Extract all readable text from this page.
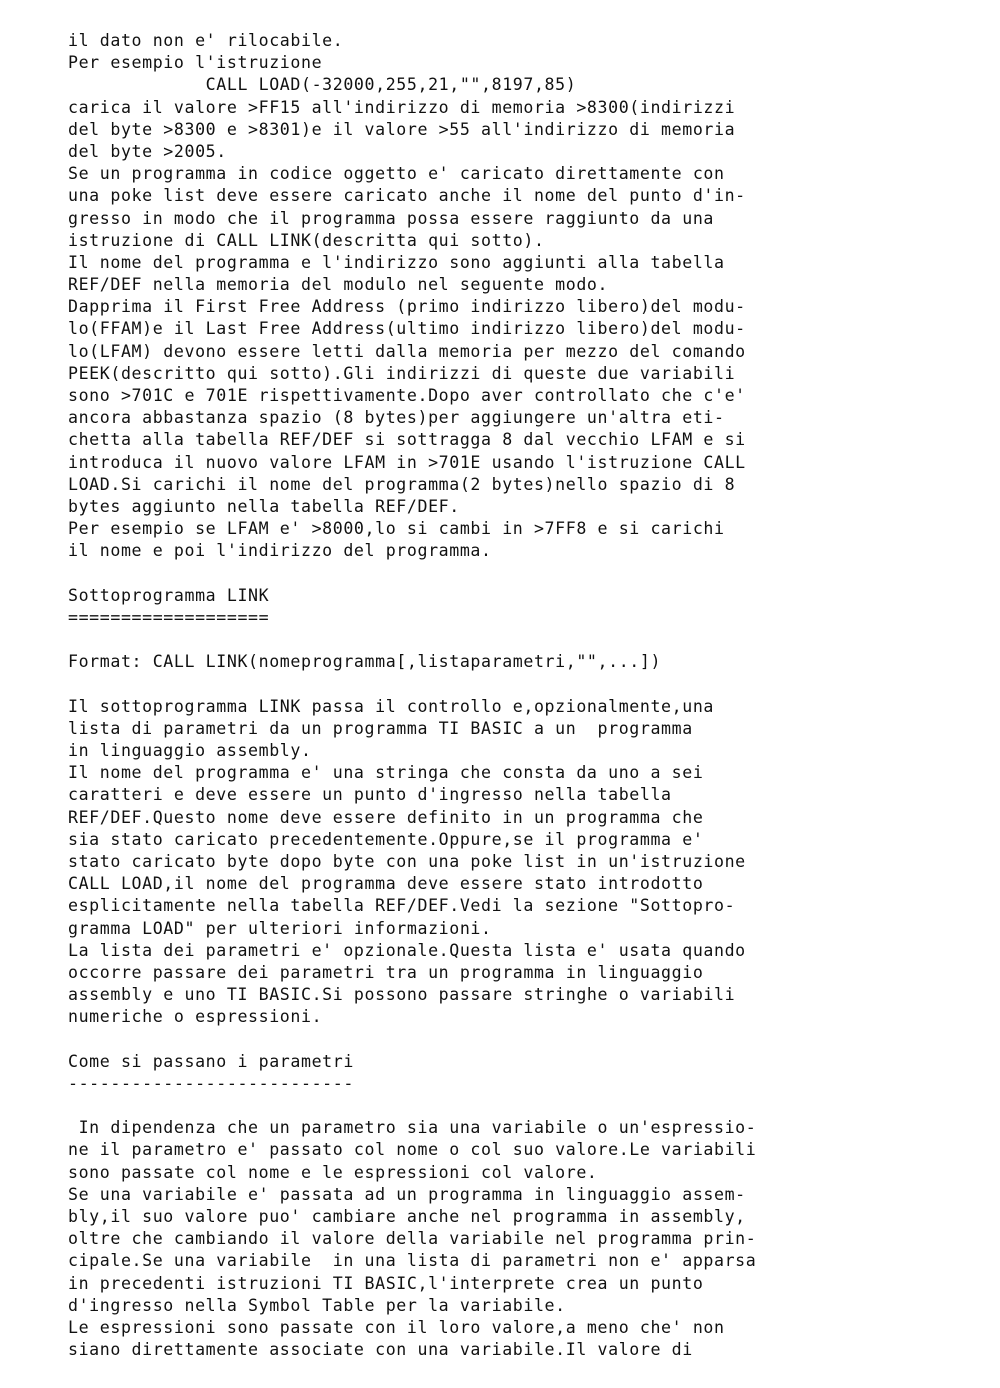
il dato non e' rilocabile.
Per esempio l'istruzione
CALL LOAD(-32000,255,21,"",8197,85)
carica il valore >FF15 all'indirizzo di memoria >8300(indirizzi
del byte >8300 e >8301)e il valore >55 all'indirizzo di memoria
del byte >2005.
Se un programma in codice oggetto e' caricato direttamente con
una poke list deve essere caricato anche il nome del punto d'in-
gresso in modo che il programma possa essere raggiunto da una
istruzione di CALL LINK(descritta qui sotto).
Il nome del programma e l'indirizzo sono aggiunti alla tabella
REF/DEF nella memoria del modulo nel seguente modo.
Dapprima il First Free Address (primo indirizzo libero)del modu-
lo(FFAM)e il Last Free Address(ultimo indirizzo libero)del modu-
lo(LFAM) devono essere letti dalla memoria per mezzo del comando
PEEK(descritto qui sotto).Gli indirizzi di queste due variabili
sono >701C e 701E rispettivamente.Dopo aver controllato che c'e'
ancora abbastanza spazio (8 bytes)per aggiungere un'altra eti-
chetta alla tabella REF/DEF si sottragga 8 dal vecchio LFAM e si
introduca il nuovo valore LFAM in >701E usando l'istruzione CALL
LOAD.Si carichi il nome del programma(2 bytes)nello spazio di 8
bytes aggiunto nella tabella REF/DEF.
Per esempio se LFAM e' >8000,lo si cambi in >7FF8 e si carichi
il nome e poi l'indirizzo del programma.
Sottoprogramma LINK
===================
Format: CALL LINK(nomeprogramma[,listaparametri,"",...])
Il sottoprogramma LINK passa il controllo e,opzionalmente,una
lista di parametri da un programma TI BASIC a un  programma
in linguaggio assembly.
Il nome del programma e' una stringa che consta da uno a sei
caratteri e deve essere un punto d'ingresso nella tabella
REF/DEF.Questo nome deve essere definito in un programma che
sia stato caricato precedentemente.Oppure,se il programma e'
stato caricato byte dopo byte con una poke list in un'istruzione
CALL LOAD,il nome del programma deve essere stato introdotto
esplicitamente nella tabella REF/DEF.Vedi la sezione "Sottopro-
gramma LOAD" per ulteriori informazioni.
La lista dei parametri e' opzionale.Questa lista e' usata quando
occorre passare dei parametri tra un programma in linguaggio
assembly e uno TI BASIC.Si possono passare stringhe o variabili
numeriche o espressioni.
Come si passano i parametri
---------------------------
In dipendenza che un parametro sia una variabile o un'espressio-
ne il parametro e' passato col nome o col suo valore.Le variabili
sono passate col nome e le espressioni col valore.
Se una variabile e' passata ad un programma in linguaggio assem-
bly,il suo valore puo' cambiare anche nel programma in assembly,
oltre che cambiando il valore della variabile nel programma prin-
cipale.Se una variabile  in una lista di parametri non e' apparsa
in precedenti istruzioni TI BASIC,l'interprete crea un punto
d'ingresso nella Symbol Table per la variabile.
Le espressioni sono passate con il loro valore,a meno che' non
siano direttamente associate con una variabile.Il valore di
